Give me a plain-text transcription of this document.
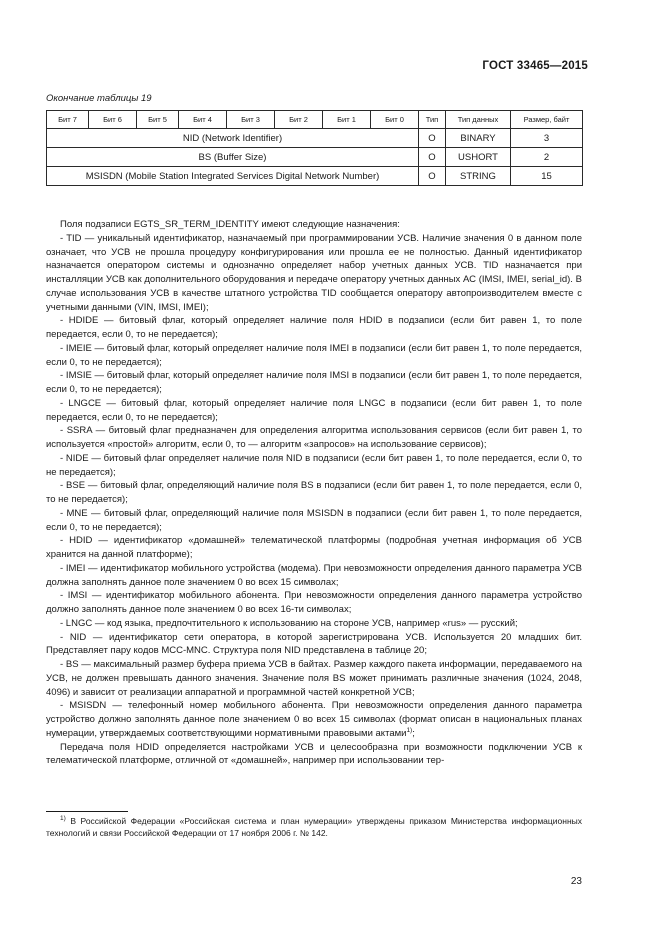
ГОСТ 33465—2015
Окончание таблицы 19
Бит 7	Бит 6	Бит 5	Бит 4	Бит 3	Бит 2	Бит 1	Бит 0	Тип	Тип данных	Размер, байт
NID (Network Identifier)								O	BINARY	3
BS (Buffer Size)								O	USHORT	2
MSISDN (Mobile Station Integrated Services Digital Network Number)								O	STRING	15

Поля подзаписи EGTS_SR_TERM_IDENTITY имеют следующие назначения:

- TID — уникальный идентификатор, назначаемый при программировании УСВ. Наличие значения 0 в данном поле означает, что УСВ не прошла процедуру конфигурирования или прошла ее не полностью. Данный идентификатор назначается оператором системы и однозначно определяет набор учетных данных УСВ. TID назначается при инсталляции УСВ как дополнительного оборудования и передаче оператору учетных данных АС (IMSI, IMEI, serial_id). В случае использования УСВ в качестве штатного устройства TID сообщается оператору автопроизводителем вместе с учетными данными (VIN, IMSI, IMEI);

- HDIDE — битовый флаг, который определяет наличие поля HDID в подзаписи (если бит равен 1, то поле передается, если 0, то не передается);

- IMEIE — битовый флаг, который определяет наличие поля IMEI в подзаписи (если бит равен 1, то поле передается, если 0, то не передается);

- IMSIE — битовый флаг, который определяет наличие поля IMSI в подзаписи (если бит равен 1, то поле передается, если 0, то не передается);

- LNGCE — битовый флаг, который определяет наличие поля LNGC в подзаписи (если бит равен 1, то поле передается, если 0, то не передается);

- SSRA — битовый флаг предназначен для определения алгоритма использования сервисов (если бит равен 1, то используется «простой» алгоритм, если 0, то — алгоритм «запросов» на использование сервисов);

- NIDE — битовый флаг определяет наличие поля NID в подзаписи (если бит равен 1, то поле передается, если 0, то не передается);

- BSE — битовый флаг, определяющий наличие поля BS в подзаписи (если бит равен 1, то поле передается, если 0, то не передается);

- MNE — битовый флаг, определяющий наличие поля MSISDN в подзаписи (если бит равен 1, то поле передается, если 0, то не передается);

- HDID — идентификатор «домашней» телематической платформы (подробная учетная информация об УСВ хранится на данной платформе);

- IMEI — идентификатор мобильного устройства (модема). При невозможности определения данного параметра УСВ должна заполнять данное поле значением 0 во всех 15 символах;

- IMSI — идентификатор мобильного абонента. При невозможности определения данного параметра устройство должно заполнять данное поле значением 0 во всех 16-ти символах;

- LNGC — код языка, предпочтительного к использованию на стороне УСВ, например «rus» — русский;

- NID — идентификатор сети оператора, в которой зарегистрирована УСВ. Используется 20 младших бит. Представляет пару кодов MCC-MNC. Структура поля NID представлена в таблице 20;

- BS — максимальный размер буфера приема УСВ в байтах. Размер каждого пакета информации, передаваемого на УСВ, не должен превышать данного значения. Значение поля BS может принимать различные значения (1024, 2048, 4096) и зависит от реализации аппаратной и программной частей конкретной УСВ;

- MSISDN — телефонный номер мобильного абонента. При невозможности определения данного параметра устройство должно заполнять данное поле значением 0 во всех 15 символах (формат описан в национальных планах нумерации, утверждаемых соответствующими нормативными правовыми актами$^{1)}$;

Передача поля HDID определяется настройками УСВ и целесообразна при возможности подключении УСВ к телематической платформе, отличной от «домашней», например при использовании тер-

$^{1)}$ В Российской Федерации «Российская система и план нумерации» утверждены приказом Министерства информационных технологий и связи Российской Федерации от 17 ноября 2006 г. № 142.
23
